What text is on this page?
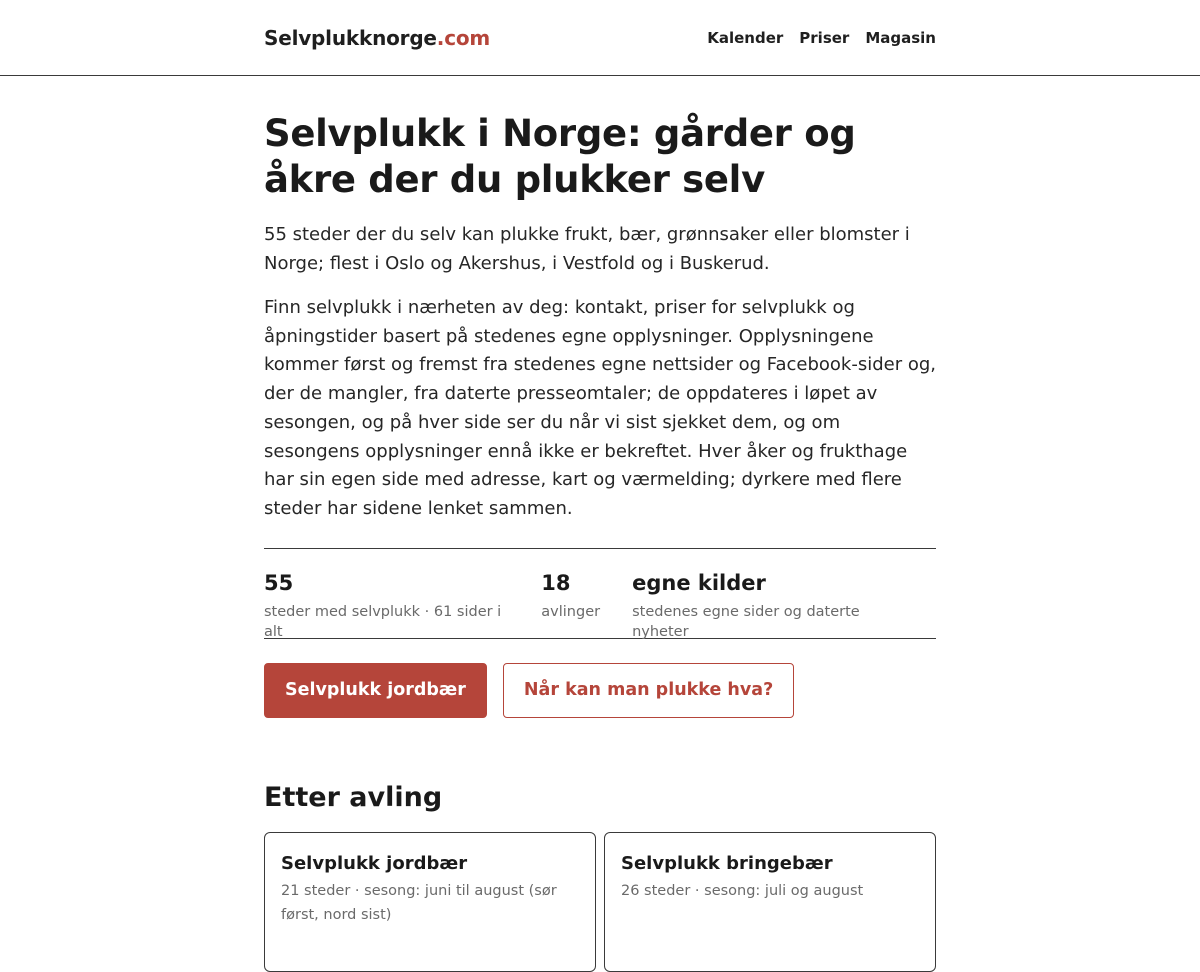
Selvplukknorge.com	Kalender Priser Magasin
Selvplukk i Norge: gårder og åkre der du plukker selv

55 steder der du selv kan plukke frukt, bær, grønnsaker eller blomster i Norge; flest i Oslo og Akershus, i Vestfold og i Buskerud.

Finn selvplukk i nærheten av deg: kontakt, priser for selvplukk og åpningstider basert på stedenes egne opplysninger. Opplysningene kommer først og fremst fra stedenes egne nettsider og Facebook-sider og, der de mangler, fra daterte presseomtaler; de oppdateres i løpet av sesongen, og på hver side ser du når vi sist sjekket dem, og om sesongens opplysninger ennå ikke er bekreftet. Hver åker og frukthage har sin egen side med adresse, kart og værmelding; dyrkere med flere steder har sidene lenket sammen.

55
steder med selvplukk · 61 sider i alt
18
avlinger
egne kilder
stedenes egne sider og daterte nyheter
Selvplukk jordbær	Når kan man plukke hva?
Etter avling
Selvplukk jordbær
21 steder · sesong: juni til august (sør først, nord sist)
Selvplukk bringebær
26 steder · sesong: juli og august
